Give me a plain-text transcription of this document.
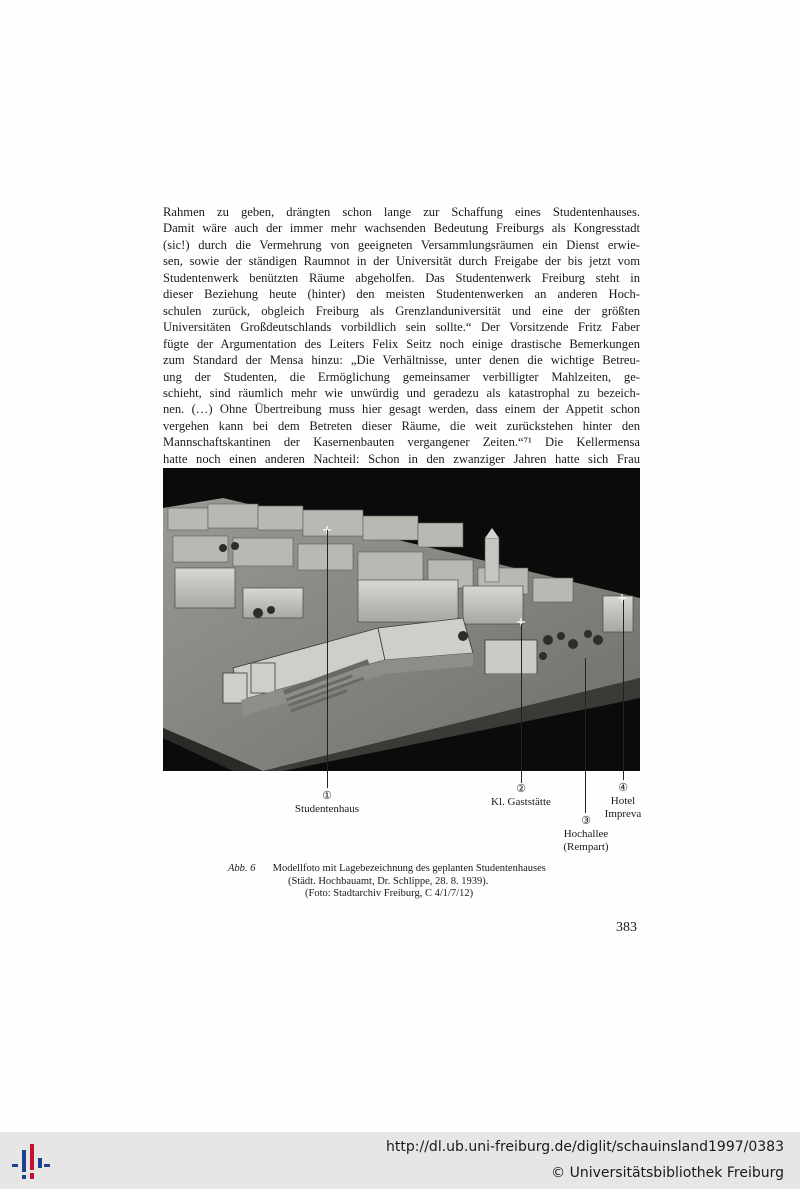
Rahmen zu geben, drängten schon lange zur Schaffung eines Studentenhauses.
Damit wäre auch der immer mehr wachsenden Bedeutung Freiburgs als Kongresstadt
(sic!) durch die Vermehrung von geeigneten Versammlungsräumen ein Dienst erwie-
sen, sowie der ständigen Raumnot in der Universität durch Freigabe der bis jetzt vom
Studentenwerk benützten Räume abgeholfen. Das Studentenwerk Freiburg steht in
dieser Beziehung heute (hinter) den meisten Studentenwerken an anderen Hoch-
schulen zurück, obgleich Freiburg als Grenzlanduniversität und eine der größten
Universitäten Großdeutschlands vorbildlich sein sollte.“ Der Vorsitzende Fritz Faber
fügte der Argumentation des Leiters Felix Seitz noch einige drastische Bemerkungen
zum Standard der Mensa hinzu: „Die Verhältnisse, unter denen die wichtige Betreu-
ung der Studenten, die Ermöglichung gemeinsamer verbilligter Mahlzeiten, ge-
schieht, sind räumlich mehr wie unwürdig und geradezu als katastrophal zu bezeich-
nen. (…) Ohne Übertreibung muss hier gesagt werden, dass einem der Appetit schon
vergehen kann bei dem Betreten dieser Räume, die weit zurückstehen hinter den
Mannschaftskantinen der Kasernenbauten vergangener Zeiten.“⁷¹ Die Kellermensa
hatte noch einen anderen Nachteil: Schon in den zwanziger Jahren hatte sich Frau
①
Studentenhaus
②
Kl. Gaststätte
③
Hochallee
(Rempart)
④
Hotel
Impreva
Abb. 6 Modellfoto mit Lagebezeichnung des geplanten Studentenhauses
(Städt. Hochbauamt, Dr. Schlippe, 28. 8. 1939).
(Foto: Stadtarchiv Freiburg, C 4/1/7/12)
383
http://dl.ub.uni-freiburg.de/diglit/schauinsland1997/0383
© Universitätsbibliothek Freiburg
